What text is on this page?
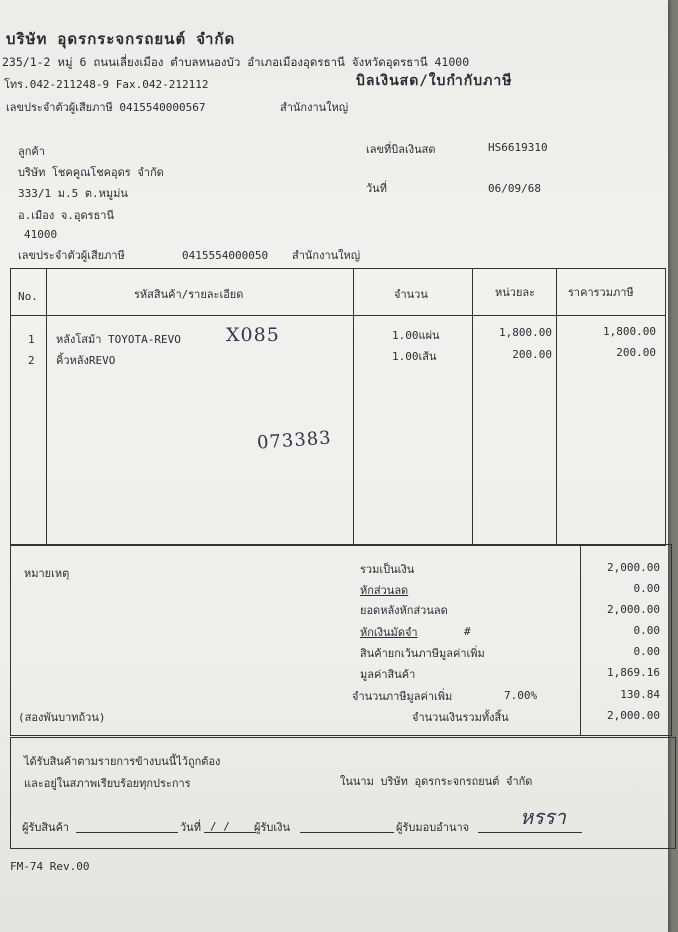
บริษัท อุดรกระจกรถยนต์ จำกัด
235/1-2 หมู่ 6 ถนนเลี่ยงเมือง ตำบลหนองบัว อำเภอเมืองอุดรธานี จังหวัดอุดรธานี 41000
โทร.042-211248-9 Fax.042-212112	บิลเงินสด/ใบกำกับภาษี
เลขประจำตัวผู้เสียภาษี 0415540000567	สำนักงานใหญ่
ลูกค้า
บริษัท โชคคูณโชคอุดร จำกัด
333/1 ม.5 ต.หมูม่น
อ.เมือง จ.อุดรธานี
41000
เลขประจำตัวผู้เสียภาษี	0415554000050 สำนักงานใหญ่
เลขที่บิลเงินสด	HS6619310
วันที่	06/09/68
No.	รหัสสินค้า/รายละเอียด	จำนวน	หน่วยละ	ราคารวมภาษี
1 หลังโสม้า TOYOTA-REVO	1.00แผ่น	1,800.00	1,800.00
2 คิ้วหลังREVO	1.00เส้น	200.00	200.00
X085
073383
หมายเหตุ
(สองพันบาทถ้วน)
รวมเป็นเงิน	2,000.00
หักส่วนลด	0.00
ยอดหลังหักส่วนลด	2,000.00
หักเงินมัดจำ	#	0.00
สินค้ายกเว้นภาษีมูลค่าเพิ่ม	0.00
มูลค่าสินค้า	1,869.16
จำนวนภาษีมูลค่าเพิ่ม	7.00%	130.84
จำนวนเงินรวมทั้งสิ้น	2,000.00
ได้รับสินค้าตามรายการข้างบนนี้ไว้ถูกต้อง
และอยู่ในสภาพเรียบร้อยทุกประการ	ในนาม บริษัท อุดรกระจกรถยนต์ จำกัด
ผู้รับสินค้า	วันที่ / / ผู้รับเงิน	ผู้รับมอบอำนาจ	หรรา
FM-74 Rev.00
